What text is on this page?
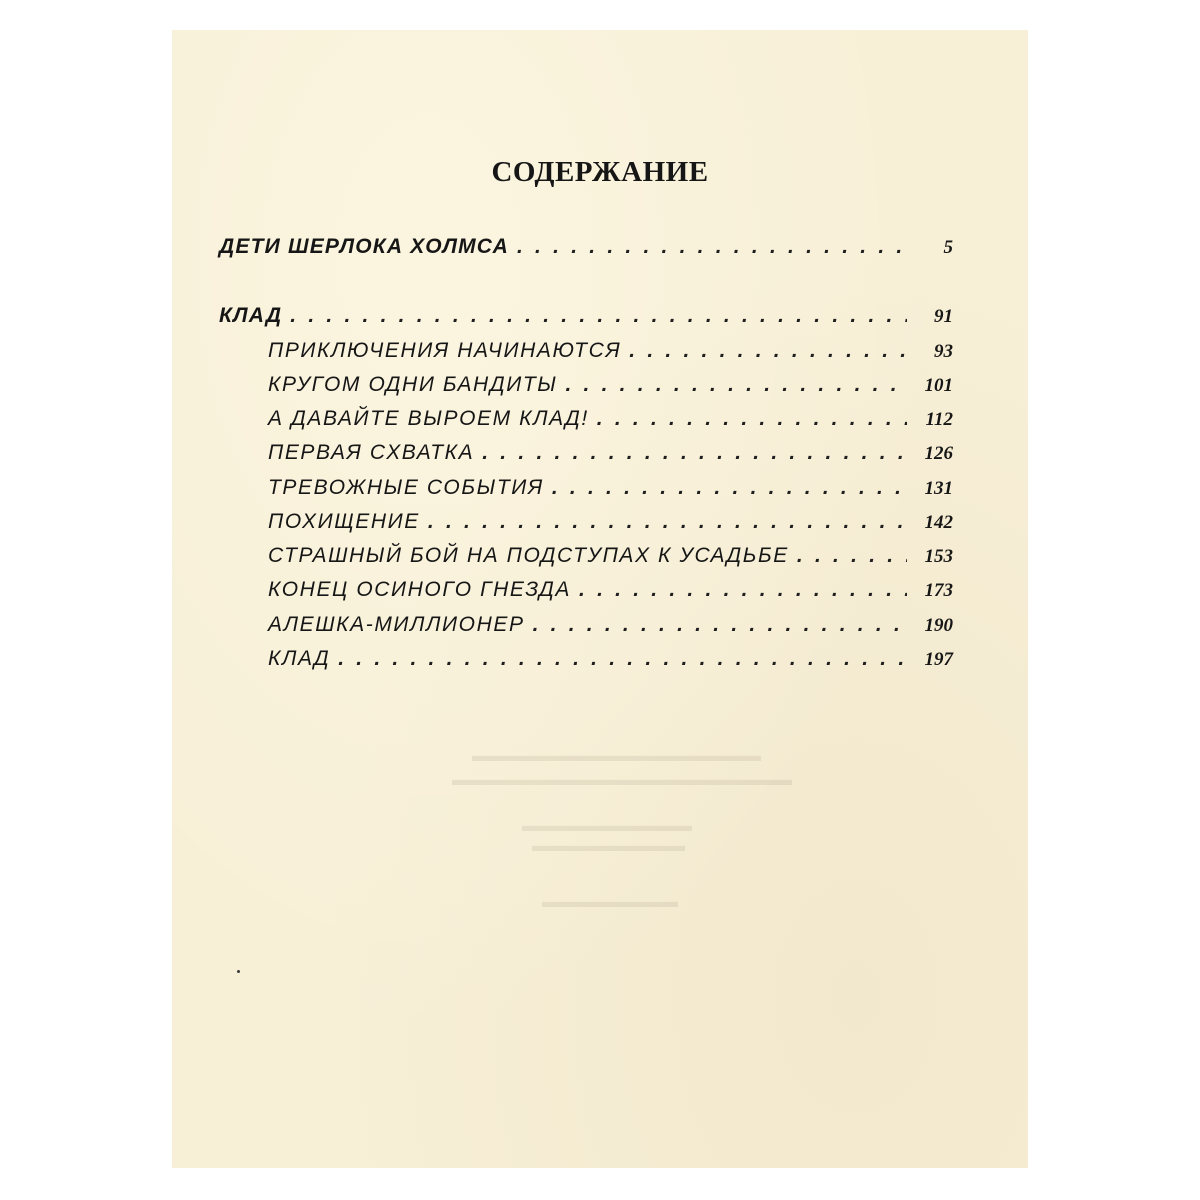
▬▬▬▬▬▬▬▬▬▬▬▬▬▬▬▬▬
▬▬▬▬▬▬▬▬▬▬▬▬▬▬▬▬▬▬▬▬
▬▬▬▬▬▬▬▬▬▬
▬▬▬▬▬▬▬▬▬
▬▬▬▬▬▬▬▬
СОДЕРЖАНИЕ
ДЕТИ ШЕРЛОКА ХОЛМСА . . .	5
КЛАД . . .	91
ПРИКЛЮЧЕНИЯ НАЧИНАЮТСЯ . . .	93
КРУГОМ ОДНИ БАНДИТЫ . . .	101
А ДАВАЙТЕ ВЫРОЕМ КЛАД! . . .	112
ПЕРВАЯ СХВАТКА . . .	126
ТРЕВОЖНЫЕ СОБЫТИЯ . . .	131
ПОХИЩЕНИЕ . . .	142
СТРАШНЫЙ БОЙ НА ПОДСТУПАХ К УСАДЬБЕ . . .	153
КОНЕЦ ОСИНОГО ГНЕЗДА . . .	173
АЛЕШКА-МИЛЛИОНЕР . . .	190
КЛАД . . .	197
